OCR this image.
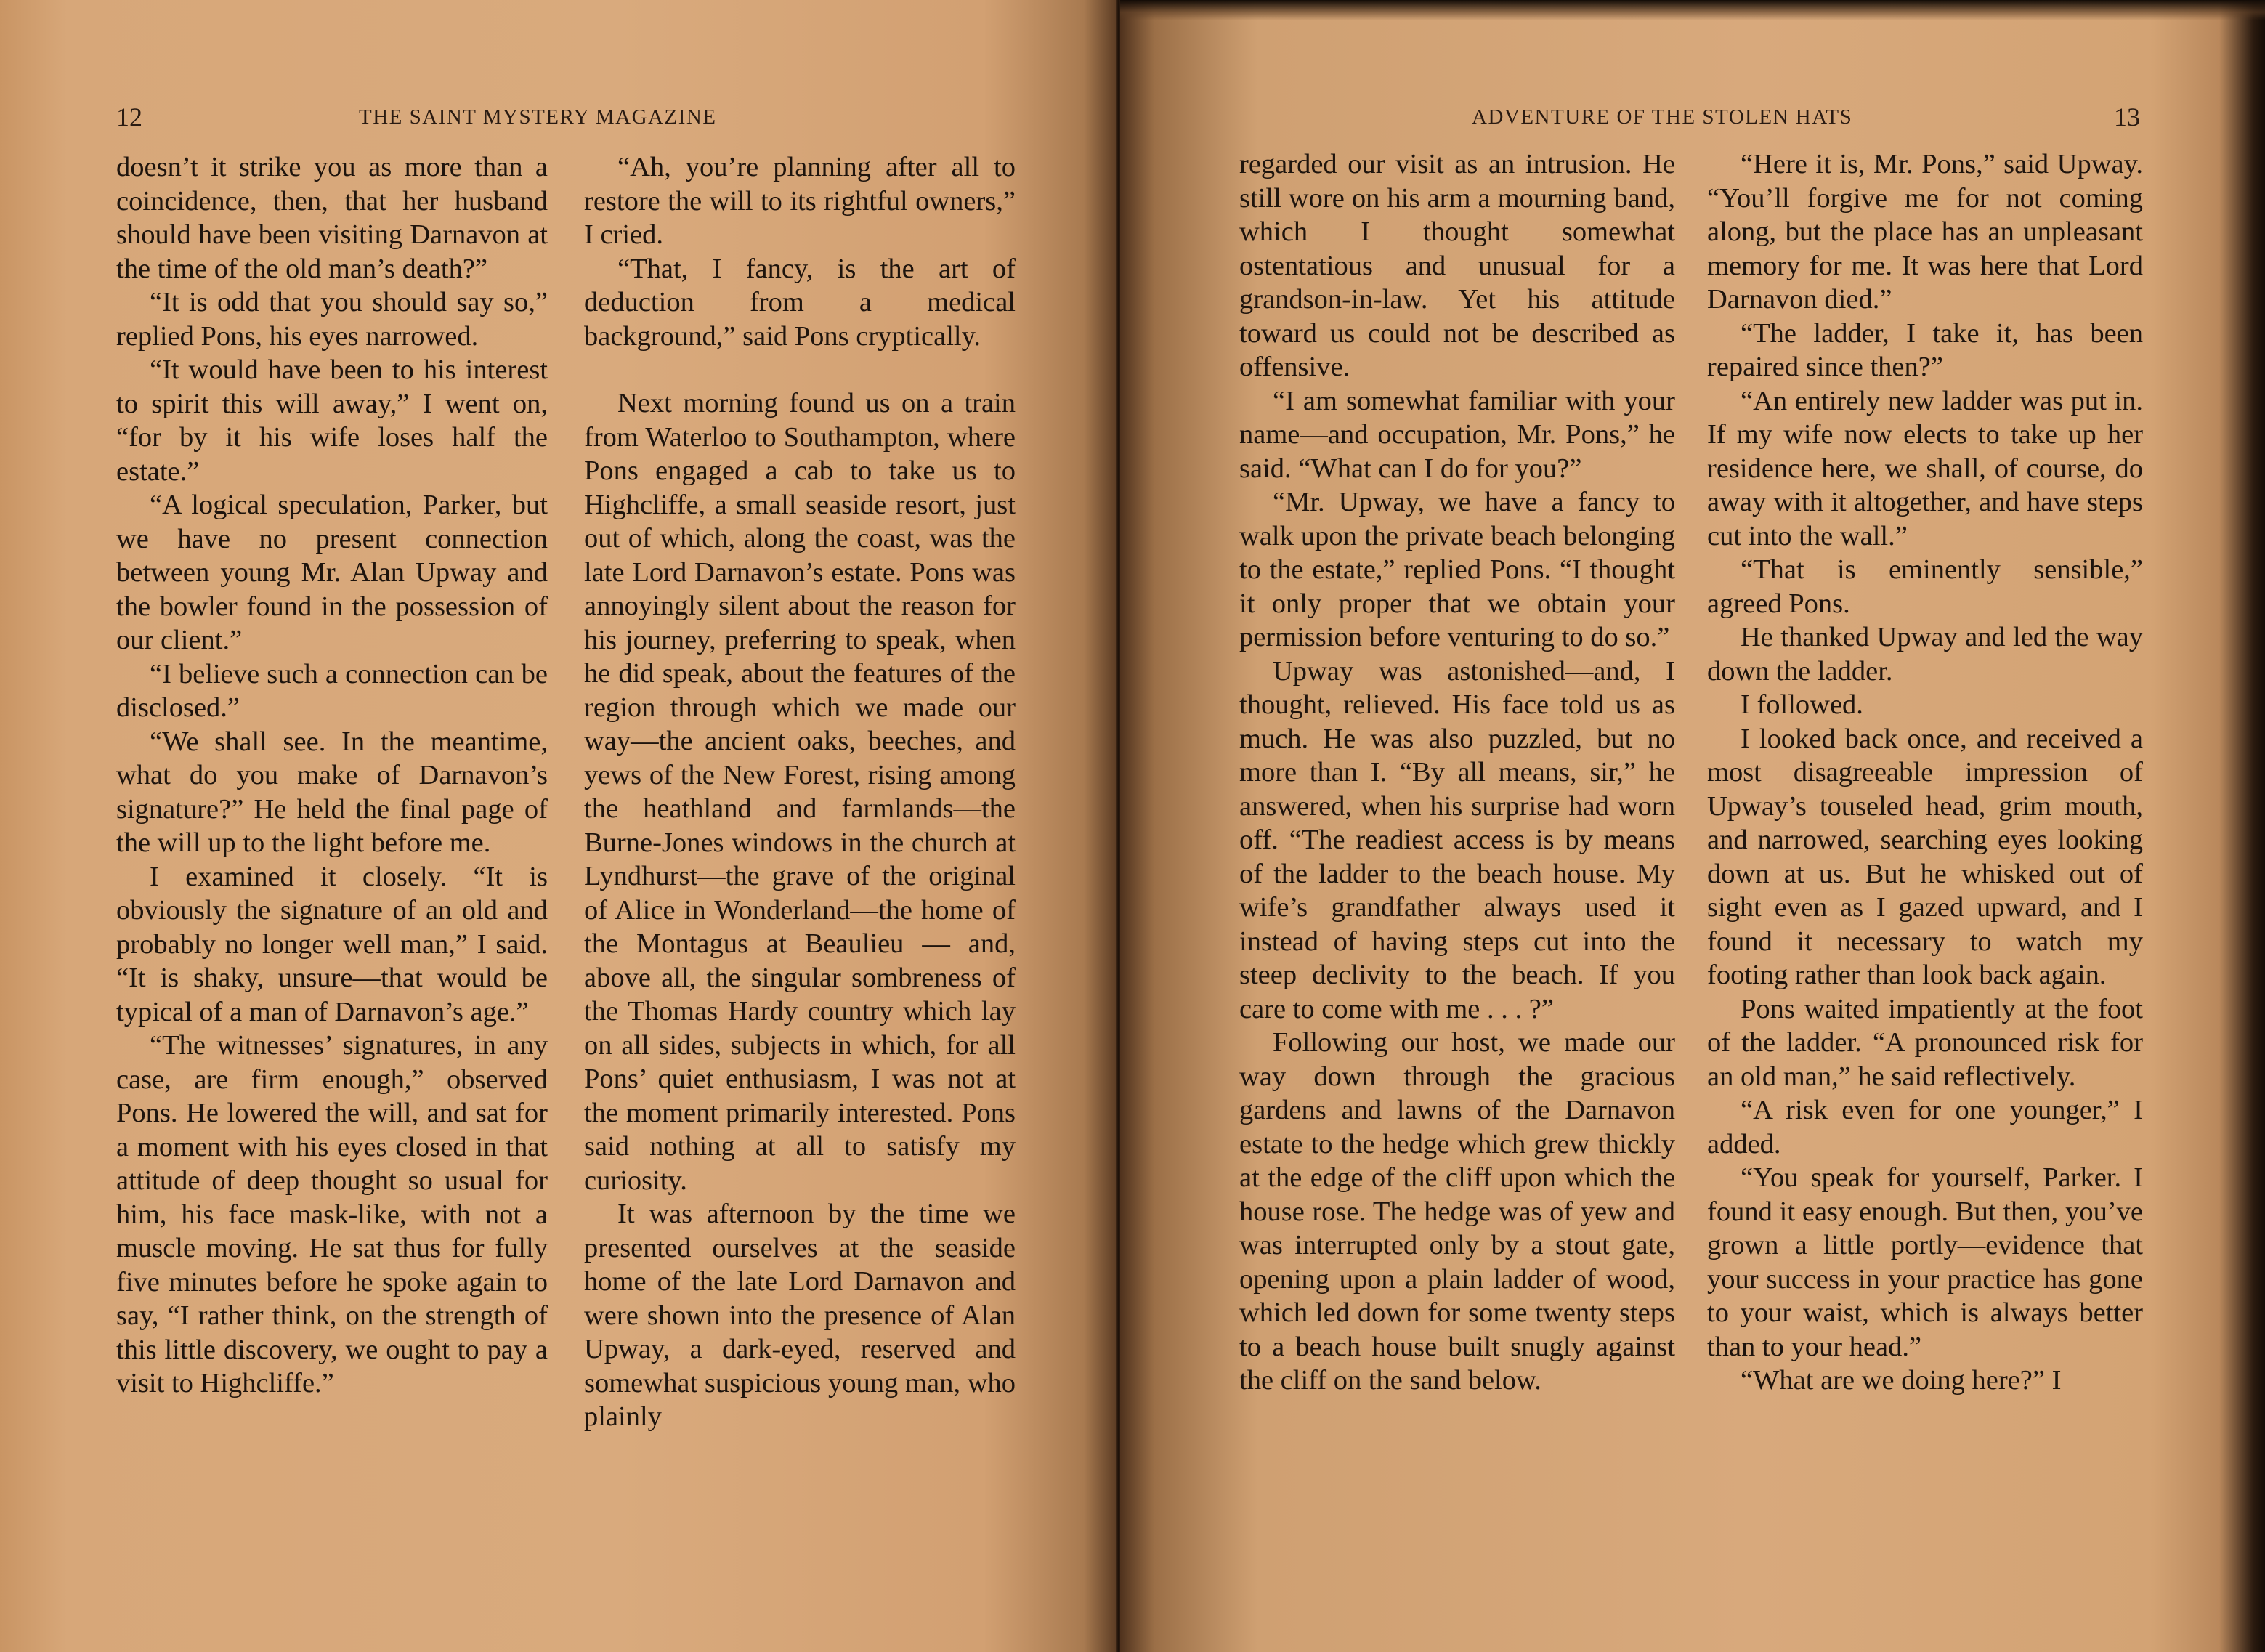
12	THE SAINT MYSTERY MAGAZINE

doesn’t it strike you as more than a coincidence, then, that her husband should have been visiting Darnavon at the time of the old man’s death?”

“It is odd that you should say so,” replied Pons, his eyes narrowed.

“It would have been to his interest to spirit this will away,” I went on, “for by it his wife loses half the estate.”

“A logical speculation, Parker, but we have no present connection between young Mr. Alan Upway and the bowler found in the possession of our client.”

“I believe such a connection can be disclosed.”

“We shall see. In the meantime, what do you make of Darnavon’s signature?” He held the final page of the will up to the light before me.

I examined it closely. “It is obviously the signature of an old and probably no longer well man,” I said. “It is shaky, unsure—that would be typical of a man of Darnavon’s age.”

“The witnesses’ signatures, in any case, are firm enough,” observed Pons. He lowered the will, and sat for a moment with his eyes closed in that attitude of deep thought so usual for him, his face mask-like, with not a muscle moving. He sat thus for fully five minutes before he spoke again to say, “I rather think, on the strength of this little discovery, we ought to pay a visit to Highcliffe.”

“Ah, you’re planning after all to restore the will to its rightful owners,” I cried.

“That, I fancy, is the art of deduction from a medical background,” said Pons cryptically.

Next morning found us on a train from Waterloo to Southampton, where Pons engaged a cab to take us to Highcliffe, a small seaside resort, just out of which, along the coast, was the late Lord Darnavon’s estate. Pons was annoyingly silent about the reason for his journey, preferring to speak, when he did speak, about the features of the region through which we made our way—the ancient oaks, beeches, and yews of the New Forest, rising among the heathland and farmlands—the Burne-Jones windows in the church at Lyndhurst—the grave of the original of Alice in Wonderland—the home of the Montagus at Beaulieu — and, above all, the singular sombreness of the Thomas Hardy country which lay on all sides, subjects in which, for all Pons’ quiet enthusiasm, I was not at the moment primarily interested. Pons said nothing at all to satisfy my curiosity.

It was afternoon by the time we presented ourselves at the seaside home of the late Lord Darnavon and were shown into the presence of Alan Upway, a dark-eyed, reserved and somewhat suspicious young man, who plainly

ADVENTURE OF THE STOLEN HATS	13

regarded our visit as an intrusion. He still wore on his arm a mourning band, which I thought somewhat ostentatious and unusual for a grandson-in-law. Yet his attitude toward us could not be described as offensive.

“I am somewhat familiar with your name—and occupation, Mr. Pons,” he said. “What can I do for you?”

“Mr. Upway, we have a fancy to walk upon the private beach belonging to the estate,” replied Pons. “I thought it only proper that we obtain your permission before venturing to do so.”

Upway was astonished—and, I thought, relieved. His face told us as much. He was also puzzled, but no more than I. “By all means, sir,” he answered, when his surprise had worn off. “The readiest access is by means of the ladder to the beach house. My wife’s grandfather always used it instead of having steps cut into the steep declivity to the beach. If you care to come with me . . . ?”

Following our host, we made our way down through the gracious gardens and lawns of the Darnavon estate to the hedge which grew thickly at the edge of the cliff upon which the house rose. The hedge was of yew and was interrupted only by a stout gate, opening upon a plain ladder of wood, which led down for some twenty steps to a beach house built snugly against the cliff on the sand below.

“Here it is, Mr. Pons,” said Upway. “You’ll forgive me for not coming along, but the place has an unpleasant memory for me. It was here that Lord Darnavon died.”

“The ladder, I take it, has been repaired since then?”

“An entirely new ladder was put in. If my wife now elects to take up her residence here, we shall, of course, do away with it altogether, and have steps cut into the wall.”

“That is eminently sensible,” agreed Pons.

He thanked Upway and led the way down the ladder.

I followed.

I looked back once, and received a most disagreeable impression of Upway’s touseled head, grim mouth, and narrowed, searching eyes looking down at us. But he whisked out of sight even as I gazed upward, and I found it necessary to watch my footing rather than look back again.

Pons waited impatiently at the foot of the ladder. “A pronounced risk for an old man,” he said reflectively.

“A risk even for one younger,” I added.

“You speak for yourself, Parker. I found it easy enough. But then, you’ve grown a little portly—evidence that your success in your practice has gone to your waist, which is always better than to your head.”

“What are we doing here?” I
